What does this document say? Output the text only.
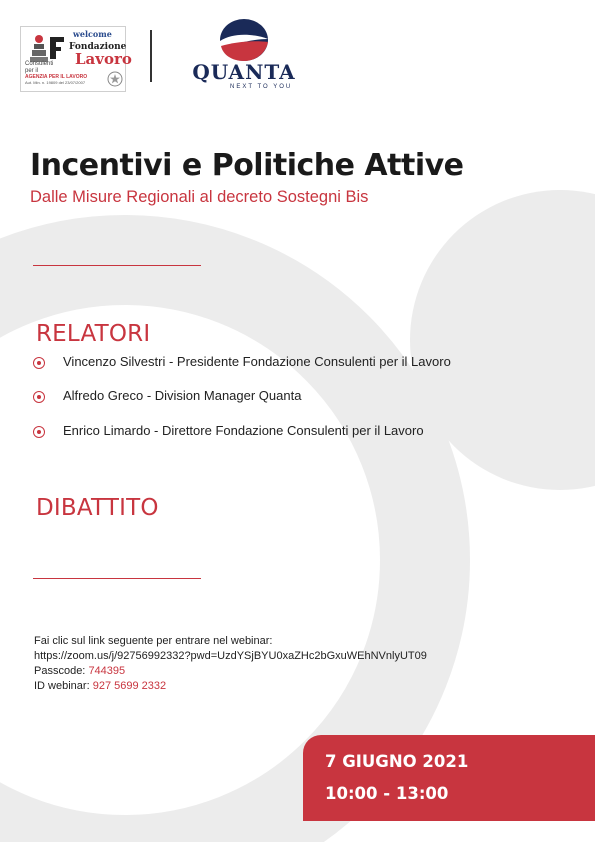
welcome
Fondazione
Consulenti per il
Lavoro
AGENZIA PER IL LAVORO
Aut. Min. n. 19809 del 23/07/2007	QUANTA
NEXT TO YOU
Incentivi e Politiche Attive
Dalle Misure Regionali al decreto Sostegni Bis
RELATORI
Vincenzo Silvestri - Presidente Fondazione Consulenti per il Lavoro
Alfredo Greco - Division Manager Quanta
Enrico Limardo - Direttore Fondazione Consulenti per il Lavoro
DIBATTITO
Fai clic sul link seguente per entrare nel webinar:
https://zoom.us/j/92756992332?pwd=UzdYSjBYU0xaZHc2bGxuWEhNVnlyUT09
Passcode: 744395
ID webinar: 927 5699 2332
7 GIUGNO 2021
10:00 - 13:00
